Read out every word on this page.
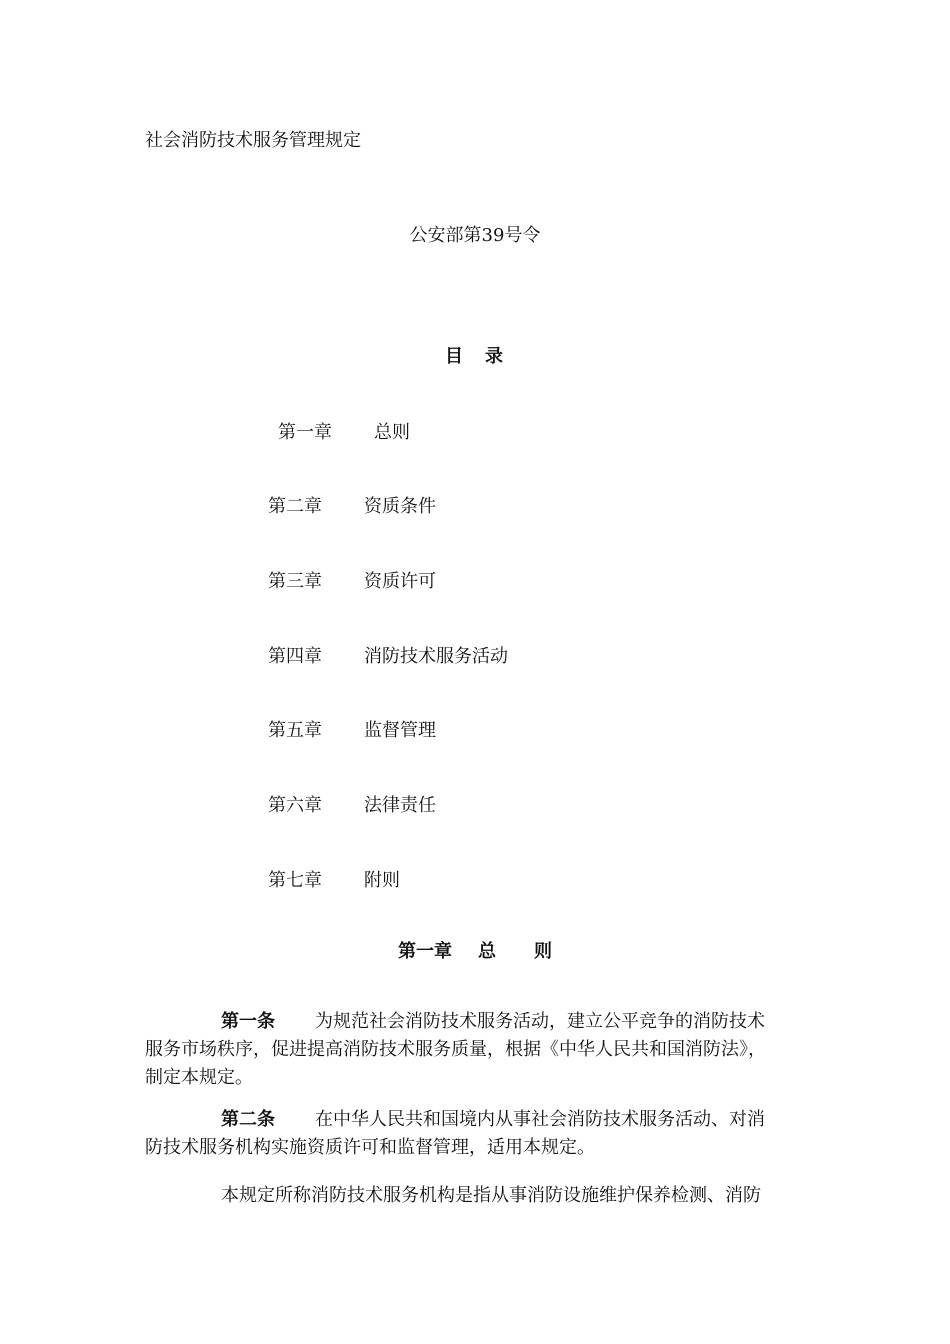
社会消防技术服务管理规定
公安部第39号令
目 录
第一章 总则
第二章 资质条件
第三章 资质许可
第四章 消防技术服务活动
第五章 监督管理
第六章 法律责任
第七章 附则
第一章 总 则
第一条 为规范社会消防技术服务活动，建立公平竞争的消防技术
服务市场秩序，促进提高消防技术服务质量，根据《中华人民共和国消防法》，
制定本规定。
第二条 在中华人民共和国境内从事社会消防技术服务活动、对消
防技术服务机构实施资质许可和监督管理，适用本规定。
本规定所称消防技术服务机构是指从事消防设施维护保养检测、消防
